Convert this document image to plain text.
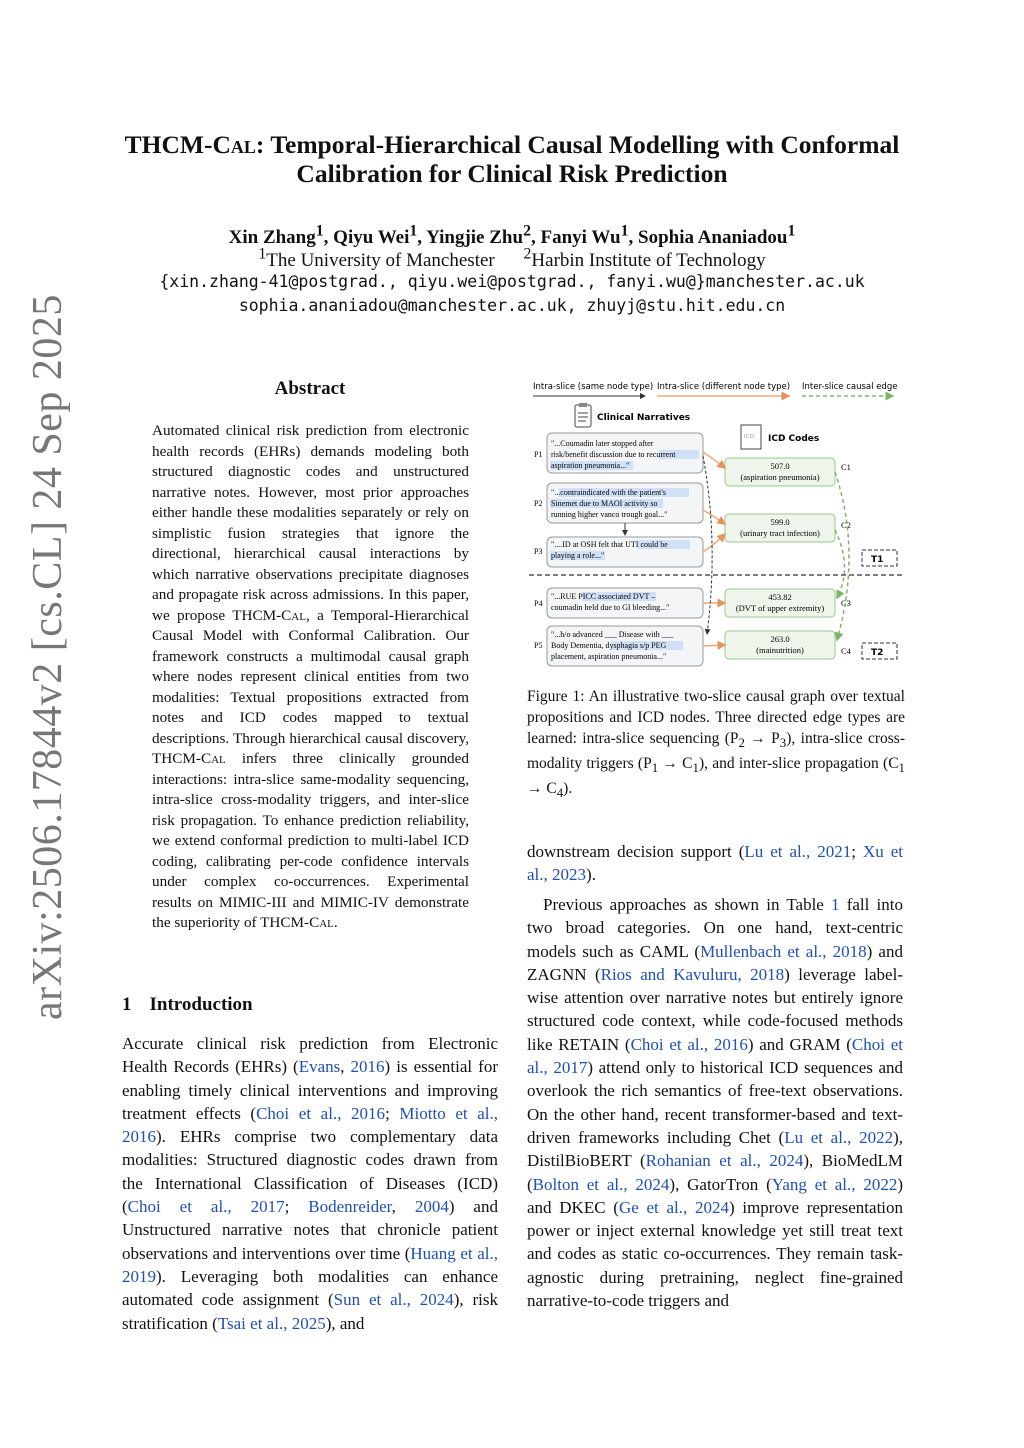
arXiv:2506.17844v2 [cs.CL] 24 Sep 2025
THCM-Cal: Temporal-Hierarchical Causal Modelling with Conformal
Calibration for Clinical Risk Prediction
Xin Zhang$^1$, Qiyu Wei$^1$, Yingjie Zhu$^2$, Fanyi Wu$^1$, Sophia Ananiadou$^1$
$^1$The University of Manchester $^2$Harbin Institute of Technology
{xin.zhang-41@postgrad., qiyu.wei@postgrad., fanyi.wu@}manchester.ac.uk
sophia.ananiadou@manchester.ac.uk, zhuyj@stu.hit.edu.cn
Abstract
Automated clinical risk prediction from electronic health records (EHRs) demands modeling both structured diagnostic codes and unstructured narrative notes. However, most prior approaches either handle these modalities separately or rely on simplistic fusion strategies that ignore the directional, hierarchical causal interactions by which narrative observations precipitate diagnoses and propagate risk across admissions. In this paper, we propose THCM-Cal, a Temporal-Hierarchical Causal Model with Conformal Calibration. Our framework constructs a multimodal causal graph where nodes represent clinical entities from two modalities: Textual propositions extracted from notes and ICD codes mapped to textual descriptions. Through hierarchical causal discovery, THCM-Cal infers three clinically grounded interactions: intra-slice same-modality sequencing, intra-slice cross-modality triggers, and inter-slice risk propagation. To enhance prediction reliability, we extend conformal prediction to multi-label ICD coding, calibrating per-code confidence intervals under complex co-occurrences. Experimental results on MIMIC-III and MIMIC-IV demonstrate the superiority of THCM-Cal.
1 Introduction
Accurate clinical risk prediction from Electronic Health Records (EHRs) (Evans, 2016) is essential for enabling timely clinical interventions and improving treatment effects (Choi et al., 2016; Miotto et al., 2016). EHRs comprise two complementary data modalities: Structured diagnostic codes drawn from the International Classification of Diseases (ICD) (Choi et al., 2017; Bodenreider, 2004) and Unstructured narrative notes that chronicle patient observations and interventions over time (Huang et al., 2019). Leveraging both modalities can enhance automated code assignment (Sun et al., 2024), risk stratification (Tsai et al., 2025), and
Intra-slice (same node type) Intra-slice (different node type) Inter-slice causal edge
Clinical Narratives
ICD ICD Codes
P1
"...Coumadin later stopped after
risk/benefit discussion due to recurrent
aspiration pneumonia..."
P2
"...contraindicated with the patient's
Sinemet due to MAOI activity so
running higher vanco trough goal..."
P3
"....ID at OSH felt that UTI could be
playing a role..."	T1
T2
P4
"...RUE PICC associated DVT –
coumadin held due to GI bleeding..."
P5
"...h/o advanced ___ Disease with ___
Body Dementia, dysphagia s/p PEG
placement, aspiration pneumonia..."
507.0
(aspiration pneumonia)
C1
599.0
(urinary tract infection)
C2
453.82
(DVT of upper extremity) C3
263.0
(mainutrition)	C4
Figure 1: An illustrative two-slice causal graph over textual propositions and ICD nodes. Three directed edge types are learned: intra-slice sequencing $(P_2 \to P_3)$, intra-slice cross-modality triggers $(P_1 \to C_1)$, and inter-slice propagation $(C_1 \to C_4)$.

downstream decision support (Lu et al., 2021; Xu et al., 2023).

Previous approaches as shown in Table 1 fall into two broad categories. On one hand, text-centric models such as CAML (Mullenbach et al., 2018) and ZAGNN (Rios and Kavuluru, 2018) leverage label-wise attention over narrative notes but entirely ignore structured code context, while code-focused methods like RETAIN (Choi et al., 2016) and GRAM (Choi et al., 2017) attend only to historical ICD sequences and overlook the rich semantics of free-text observations. On the other hand, recent transformer-based and text-driven frameworks including Chet (Lu et al., 2022), DistilBioBERT (Rohanian et al., 2024), BioMedLM (Bolton et al., 2024), GatorTron (Yang et al., 2022) and DKEC (Ge et al., 2024) improve representation power or inject external knowledge yet still treat text and codes as static co-occurrences. They remain task-agnostic during pretraining, neglect fine-grained narrative-to-code triggers and
